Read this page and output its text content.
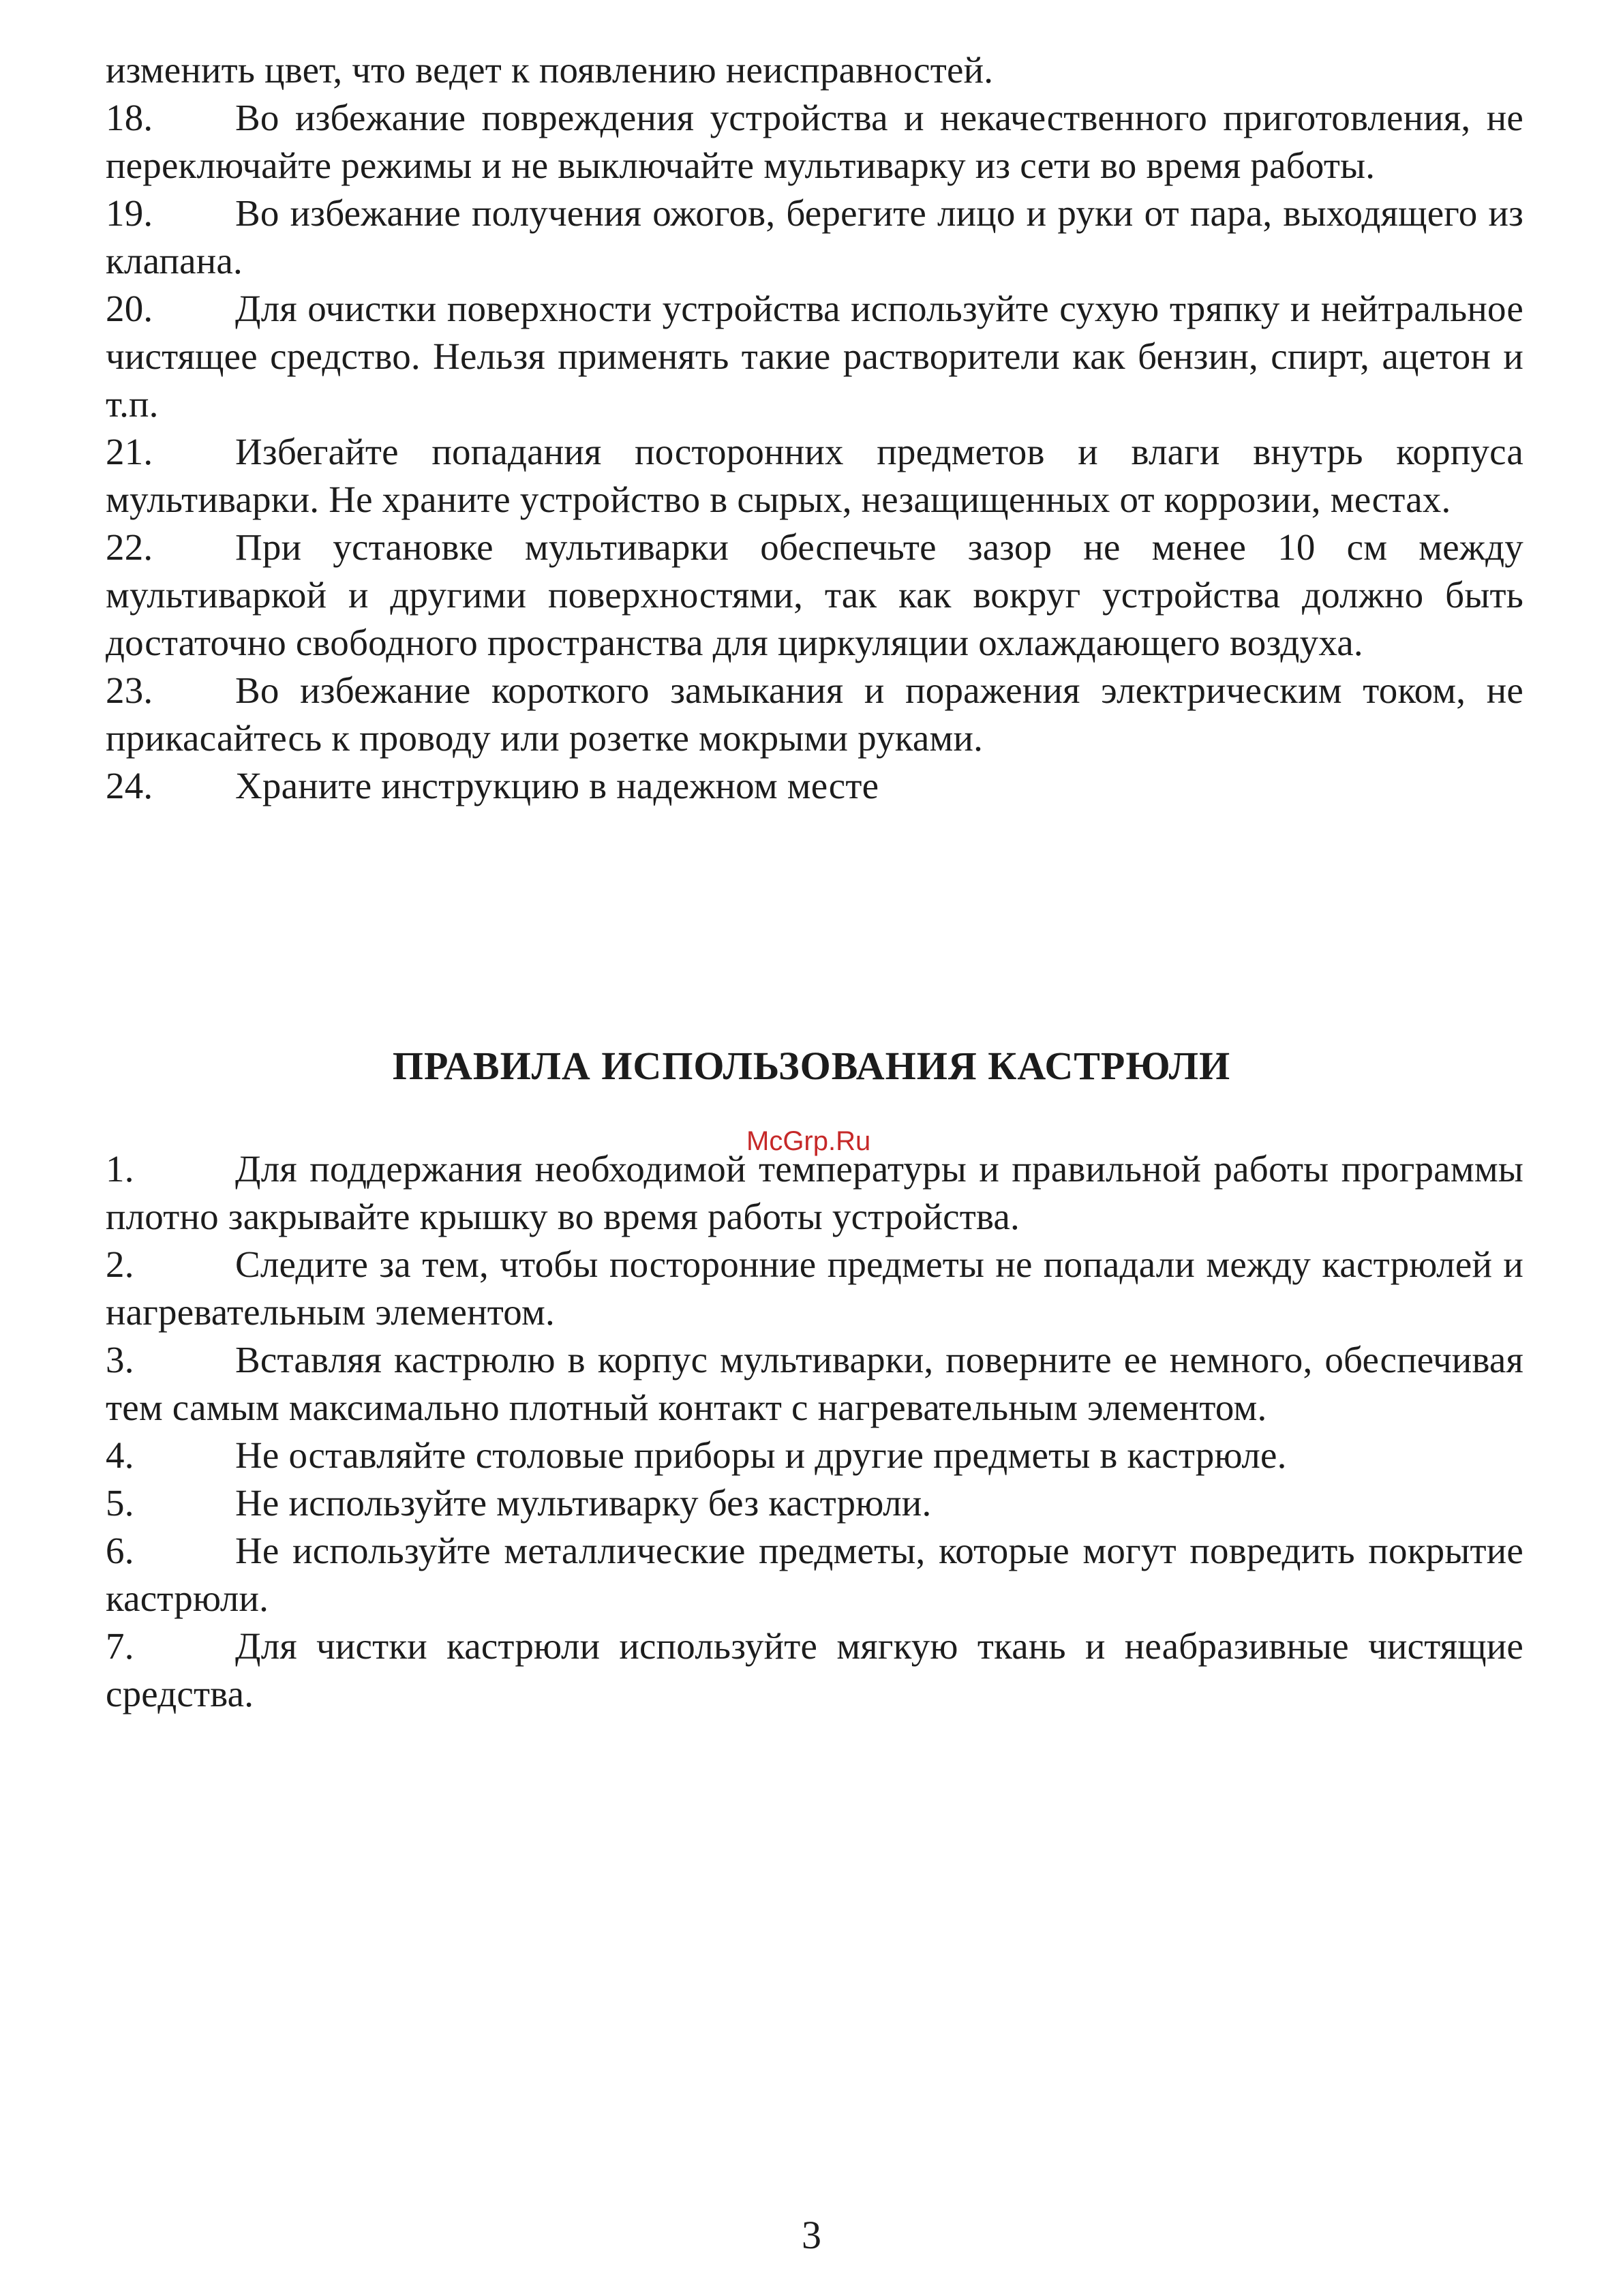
изменить цвет, что ведет к появлению неисправностей.

18. Во избежание повреждения устройства и некачественного приготовления, не переключайте режимы и не выключайте мультиварку из сети во время работы.

19. Во избежание получения ожогов, берегите лицо и руки от пара, выходящего из клапана.

20. Для очистки поверхности устройства используйте сухую тряпку и нейтральное чистящее средство. Нельзя применять такие растворители как бензин, спирт, ацетон и т.п.

21. Избегайте попадания посторонних предметов и влаги внутрь корпуса мультиварки. Не храните устройство в сырых, незащищенных от коррозии, местах.

22. При установке мультиварки обеспечьте зазор не менее 10 см между мультиваркой и другими поверхностями, так как вокруг устройства должно быть достаточно свободного пространства для циркуляции охлаждающего воздуха.

23. Во избежание короткого замыкания и поражения электрическим током, не прикасайтесь к проводу или розетке мокрыми руками.

24. Храните инструкцию в надежном месте

ПРАВИЛА ИСПОЛЬЗОВАНИЯ КАСТРЮЛИ
McGrp.Ru

1.	Для поддержания необходимой температуры и правильной работы программы плотно закрывайте крышку во время работы устройства.

2.	Следите за тем, чтобы посторонние предметы не попадали между кастрюлей и нагревательным элементом.

3.	Вставляя кастрюлю в корпус мультиварки, поверните ее немного, обеспечивая тем самым максимально плотный контакт с нагревательным элементом.

4.	Не оставляйте столовые приборы и другие предметы в кастрюле.

5.	Не используйте мультиварку без кастрюли.

6.	Не используйте металлические предметы, которые могут повредить покрытие кастрюли.

7.	Для чистки кастрюли используйте мягкую ткань и неабразивные чистящие средства.

3
